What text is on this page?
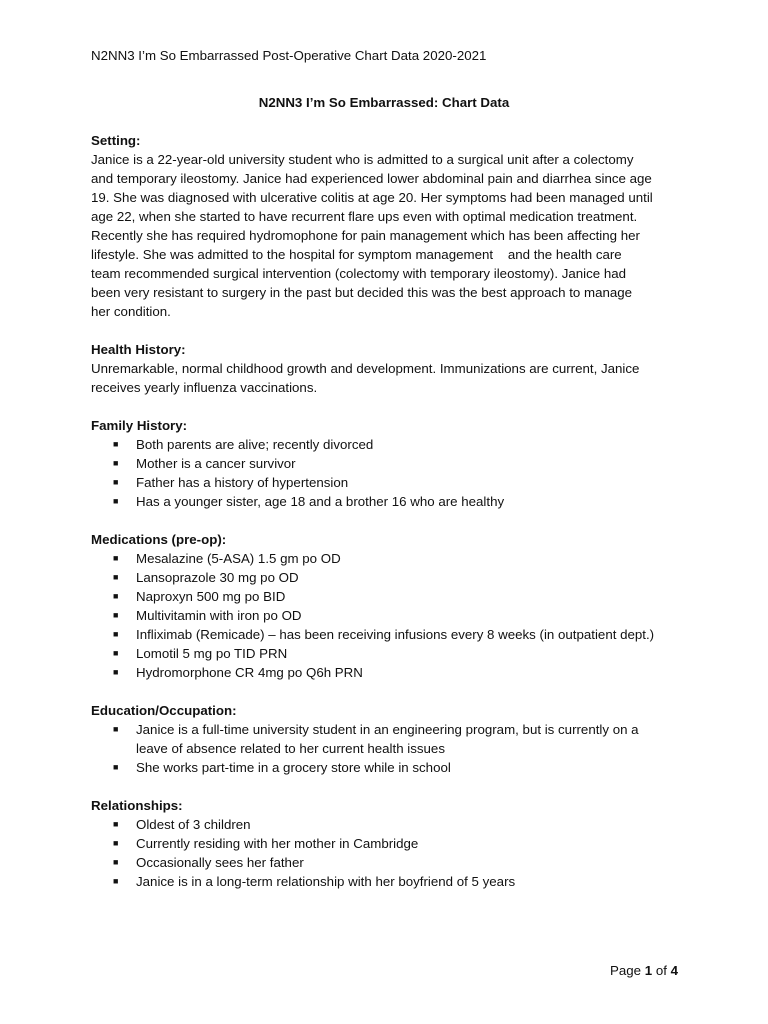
N2NN3 I’m So Embarrassed Post-Operative Chart Data 2020-2021
N2NN3 I’m So Embarrassed: Chart Data

Setting:

Janice is a 22-year-old university student who is admitted to a surgical unit after a colectomy

and temporary ileostomy. Janice had experienced lower abdominal pain and diarrhea since age

19. She was diagnosed with ulcerative colitis at age 20. Her symptoms had been managed until

age 22, when she started to have recurrent flare ups even with optimal medication treatment.

Recently she has required hydromophone for pain management which has been affecting her

lifestyle. She was admitted to the hospital for symptom management    and the health care

team recommended surgical intervention (colectomy with temporary ileostomy). Janice had

been very resistant to surgery in the past but decided this was the best approach to manage

her condition.

Health History:

Unremarkable, normal childhood growth and development. Immunizations are current, Janice receives yearly influenza vaccinations.

Family History:

■ Both parents are alive; recently divorced
■ Mother is a cancer survivor
■ Father has a history of hypertension
■ Has a younger sister, age 18 and a brother 16 who are healthy

Medications (pre-op):

■ Mesalazine (5-ASA) 1.5 gm po OD
■ Lansoprazole 30 mg po OD
■ Naproxyn 500 mg po BID
■ Multivitamin with iron po OD
■ Infliximab (Remicade) – has been receiving infusions every 8 weeks (in outpatient dept.)
■ Lomotil 5 mg po TID PRN
■ Hydromorphone CR 4mg po Q6h PRN

Education/Occupation:

■ Janice is a full-time university student in an engineering program, but is currently on a leave of absence related to her current health issues
■ She works part-time in a grocery store while in school

Relationships:

■ Oldest of 3 children
■ Currently residing with her mother in Cambridge
■ Occasionally sees her father
■ Janice is in a long-term relationship with her boyfriend of 5 years
Page 1 of 4
